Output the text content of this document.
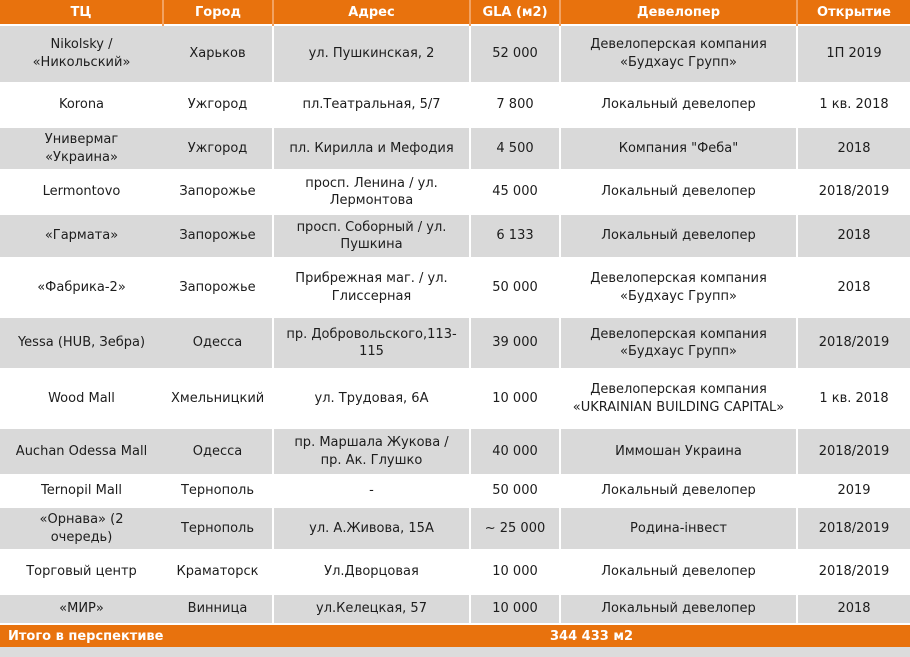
ТЦ	Город	Адрес	GLA (м2)	Девелопер	Открытие
Nikolsky / «Никольский»	Харьков	ул. Пушкинская, 2	52 000	Девелоперская компания «Будхаус Групп»	1П 2019
Korona	Ужгород	пл.Театральная, 5/7	7 800	Локальный девелопер	1 кв. 2018
Универмаг «Украина»	Ужгород	пл. Кирилла и Мефодия	4 500	Компания "Феба"	2018
Lermontovo	Запорожье	просп. Ленина / ул. Лермонтова	45 000	Локальный девелопер	2018/2019
«Гармата»	Запорожье	просп. Соборный / ул. Пушкина	6 133	Локальный девелопер	2018
«Фабрика-2»	Запорожье	Прибрежная маг. / ул. Глиссерная	50 000	Девелоперская компания «Будхаус Групп»	2018
Yessa (HUB, Зебра)	Одесса	пр. Добровольского,113-115	39 000	Девелоперская компания «Будхаус Групп»	2018/2019
Wood Mall	Хмельницкий	ул. Трудовая, 6А	10 000	Девелоперская компания «UKRAINIAN BUILDING CAPITAL»	1 кв. 2018
Auchan Odessa Mall	Одесса	пр. Маршала Жукова / пр. Ак. Глушко	40 000	Иммошан Украина	2018/2019
Ternopil Mall	Тернополь	-	50 000	Локальный девелопер	2019
«Орнава» (2 очередь)	Тернополь	ул. А.Живова, 15А	~ 25 000	Родина-інвест	2018/2019
Торговый центр	Краматорск	Ул.Дворцовая	10 000	Локальный девелопер	2018/2019
«МИР»	Винница	ул.Келецкая, 57	10 000	Локальный девелопер	2018
Итого в перспективе		344 433 м2			
